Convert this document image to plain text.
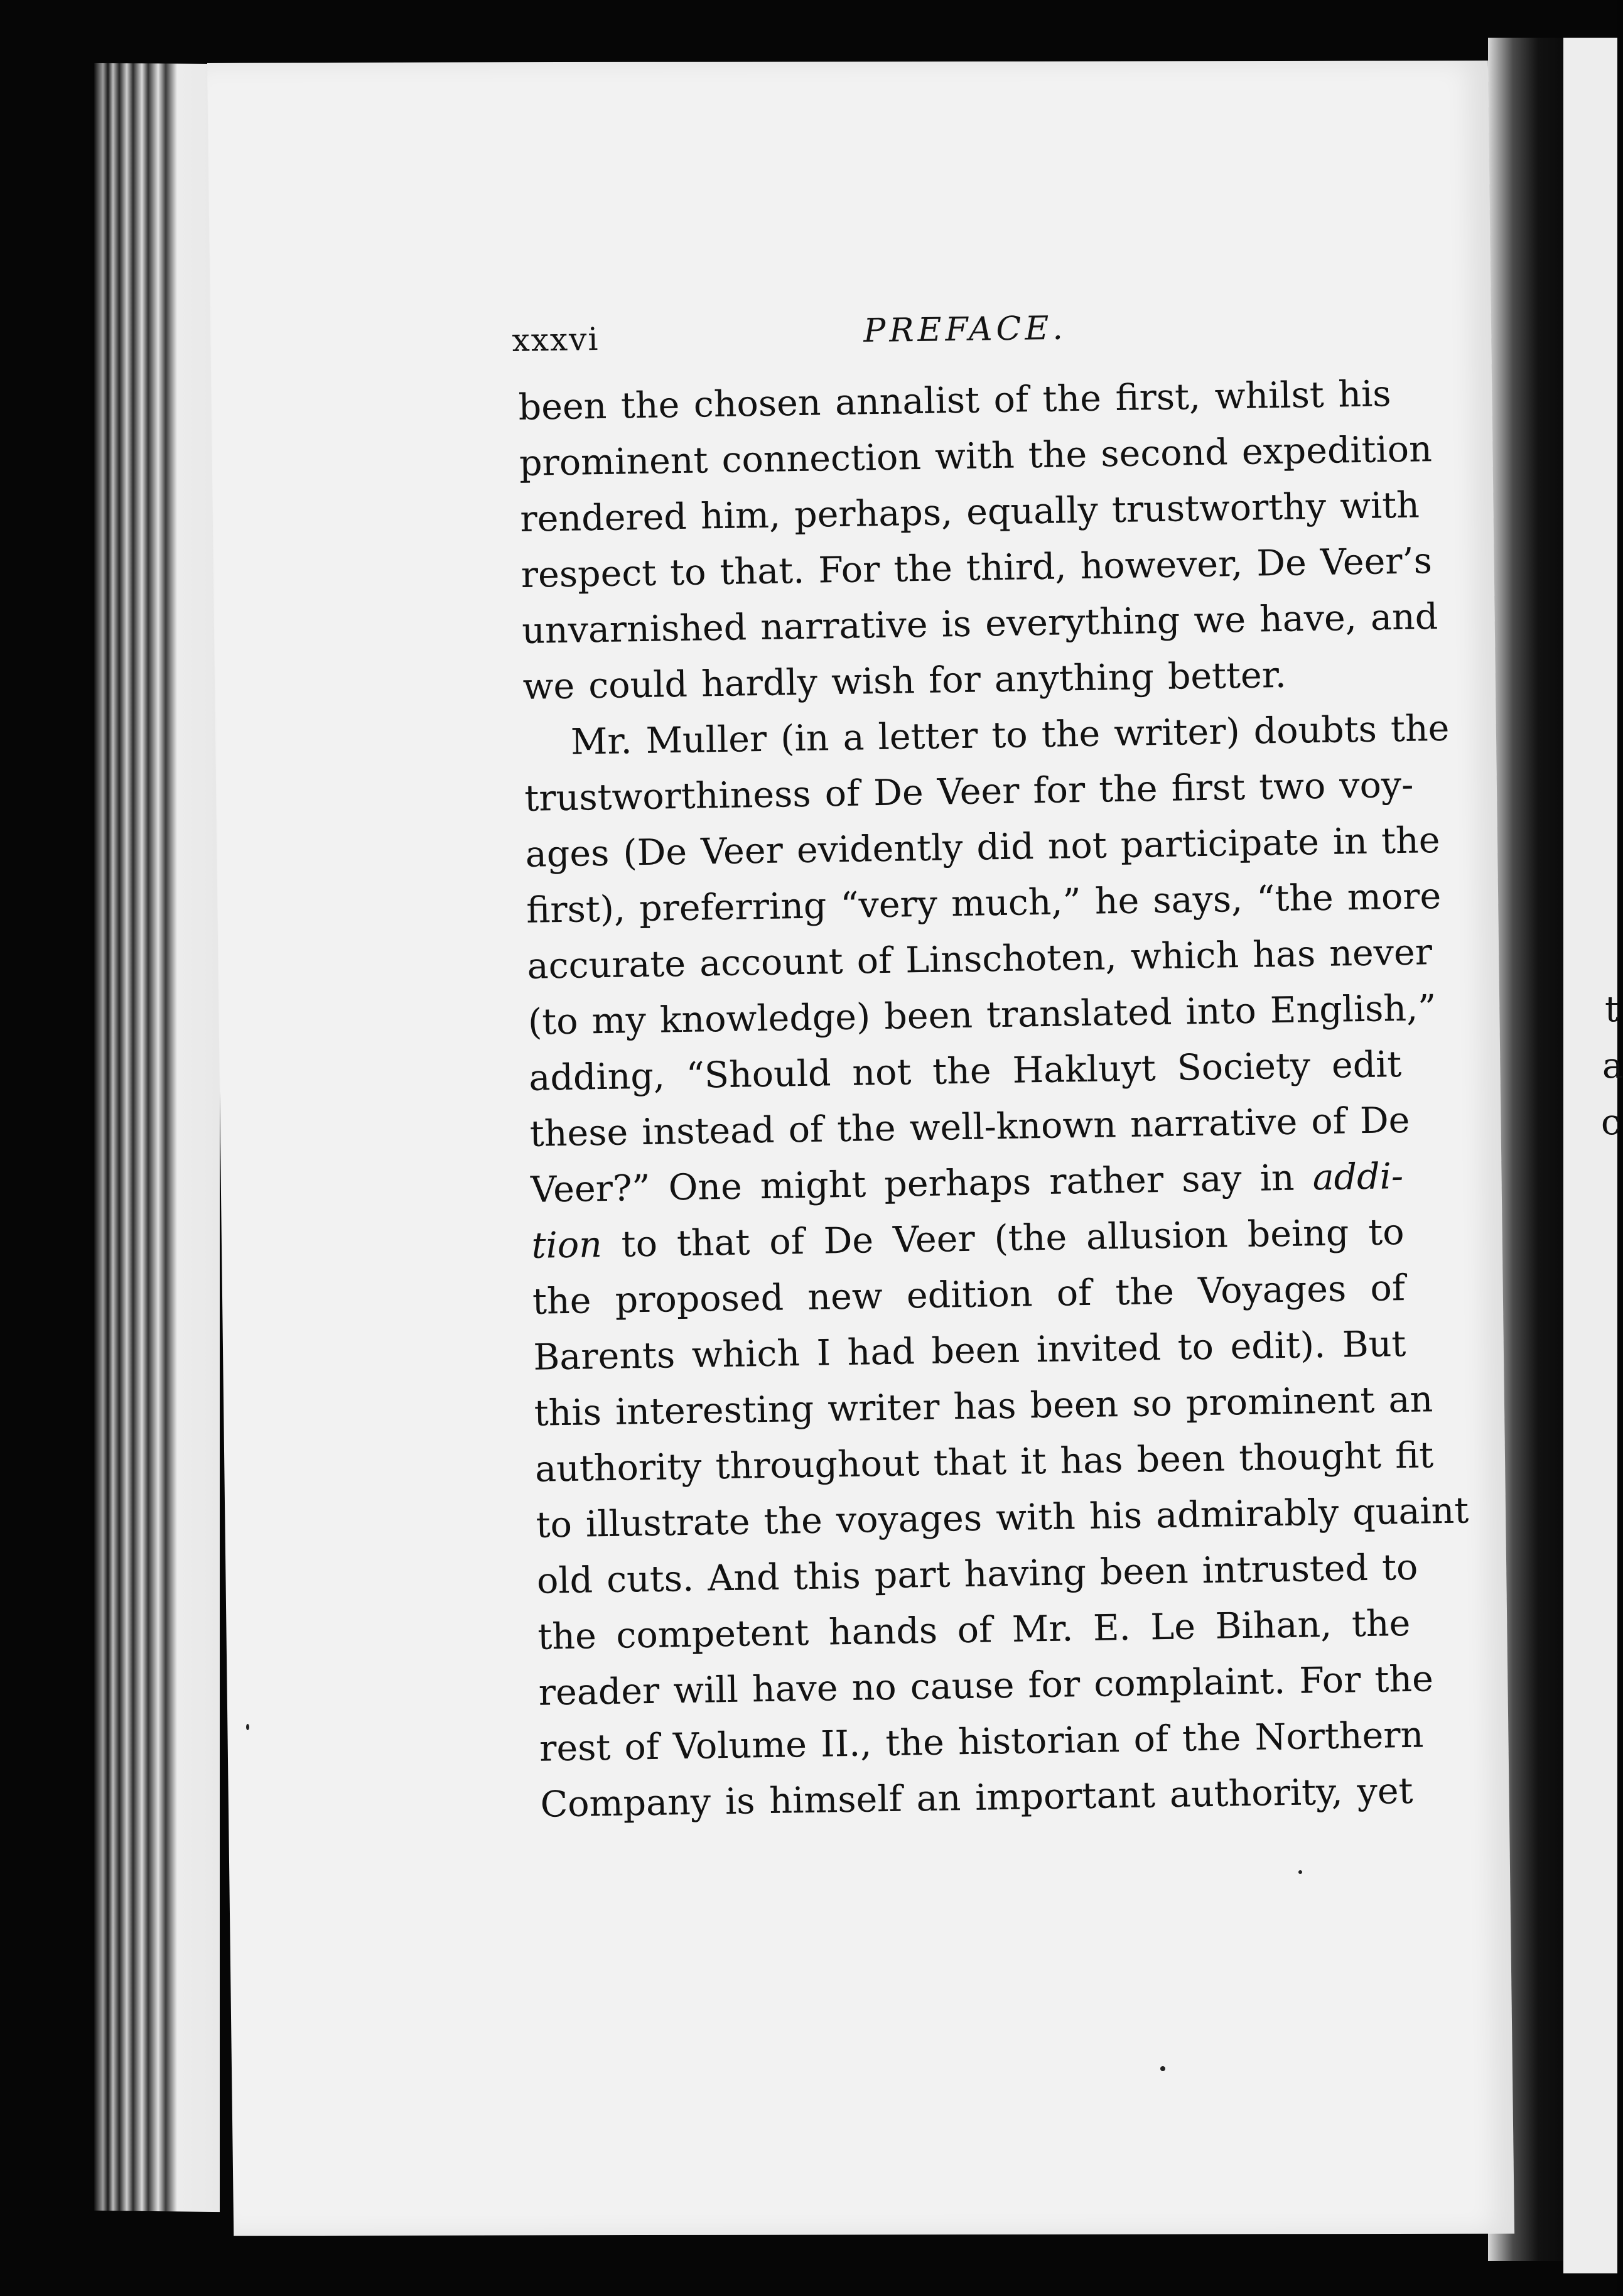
t
a
c
xxxvi	PREFACE.
been the chosen annalist of the first, whilst his
prominent connection with the second expedition
rendered him, perhaps, equally trustworthy with
respect to that. For the third, however, De Veer’s
unvarnished narrative is everything we have, and
we could hardly wish for anything better.
Mr. Muller (in a letter to the writer) doubts the
trustworthiness of De Veer for the first two voy-
ages (De Veer evidently did not participate in the
first), preferring “very much,” he says, “the more
accurate account of Linschoten, which has never
(to my knowledge) been translated into English,”
adding, “Should not the Hakluyt Society edit
these instead of the well-known narrative of De
Veer?” One might perhaps rather say in addi-
tion to that of De Veer (the allusion being to
the proposed new edition of the Voyages of
Barents which I had been invited to edit). But
this interesting writer has been so prominent an
authority throughout that it has been thought fit
to illustrate the voyages with his admirably quaint
old cuts. And this part having been intrusted to
the competent hands of Mr. E. Le Bihan, the
reader will have no cause for complaint. For the
rest of Volume II., the historian of the Northern
Company is himself an important authority, yet
